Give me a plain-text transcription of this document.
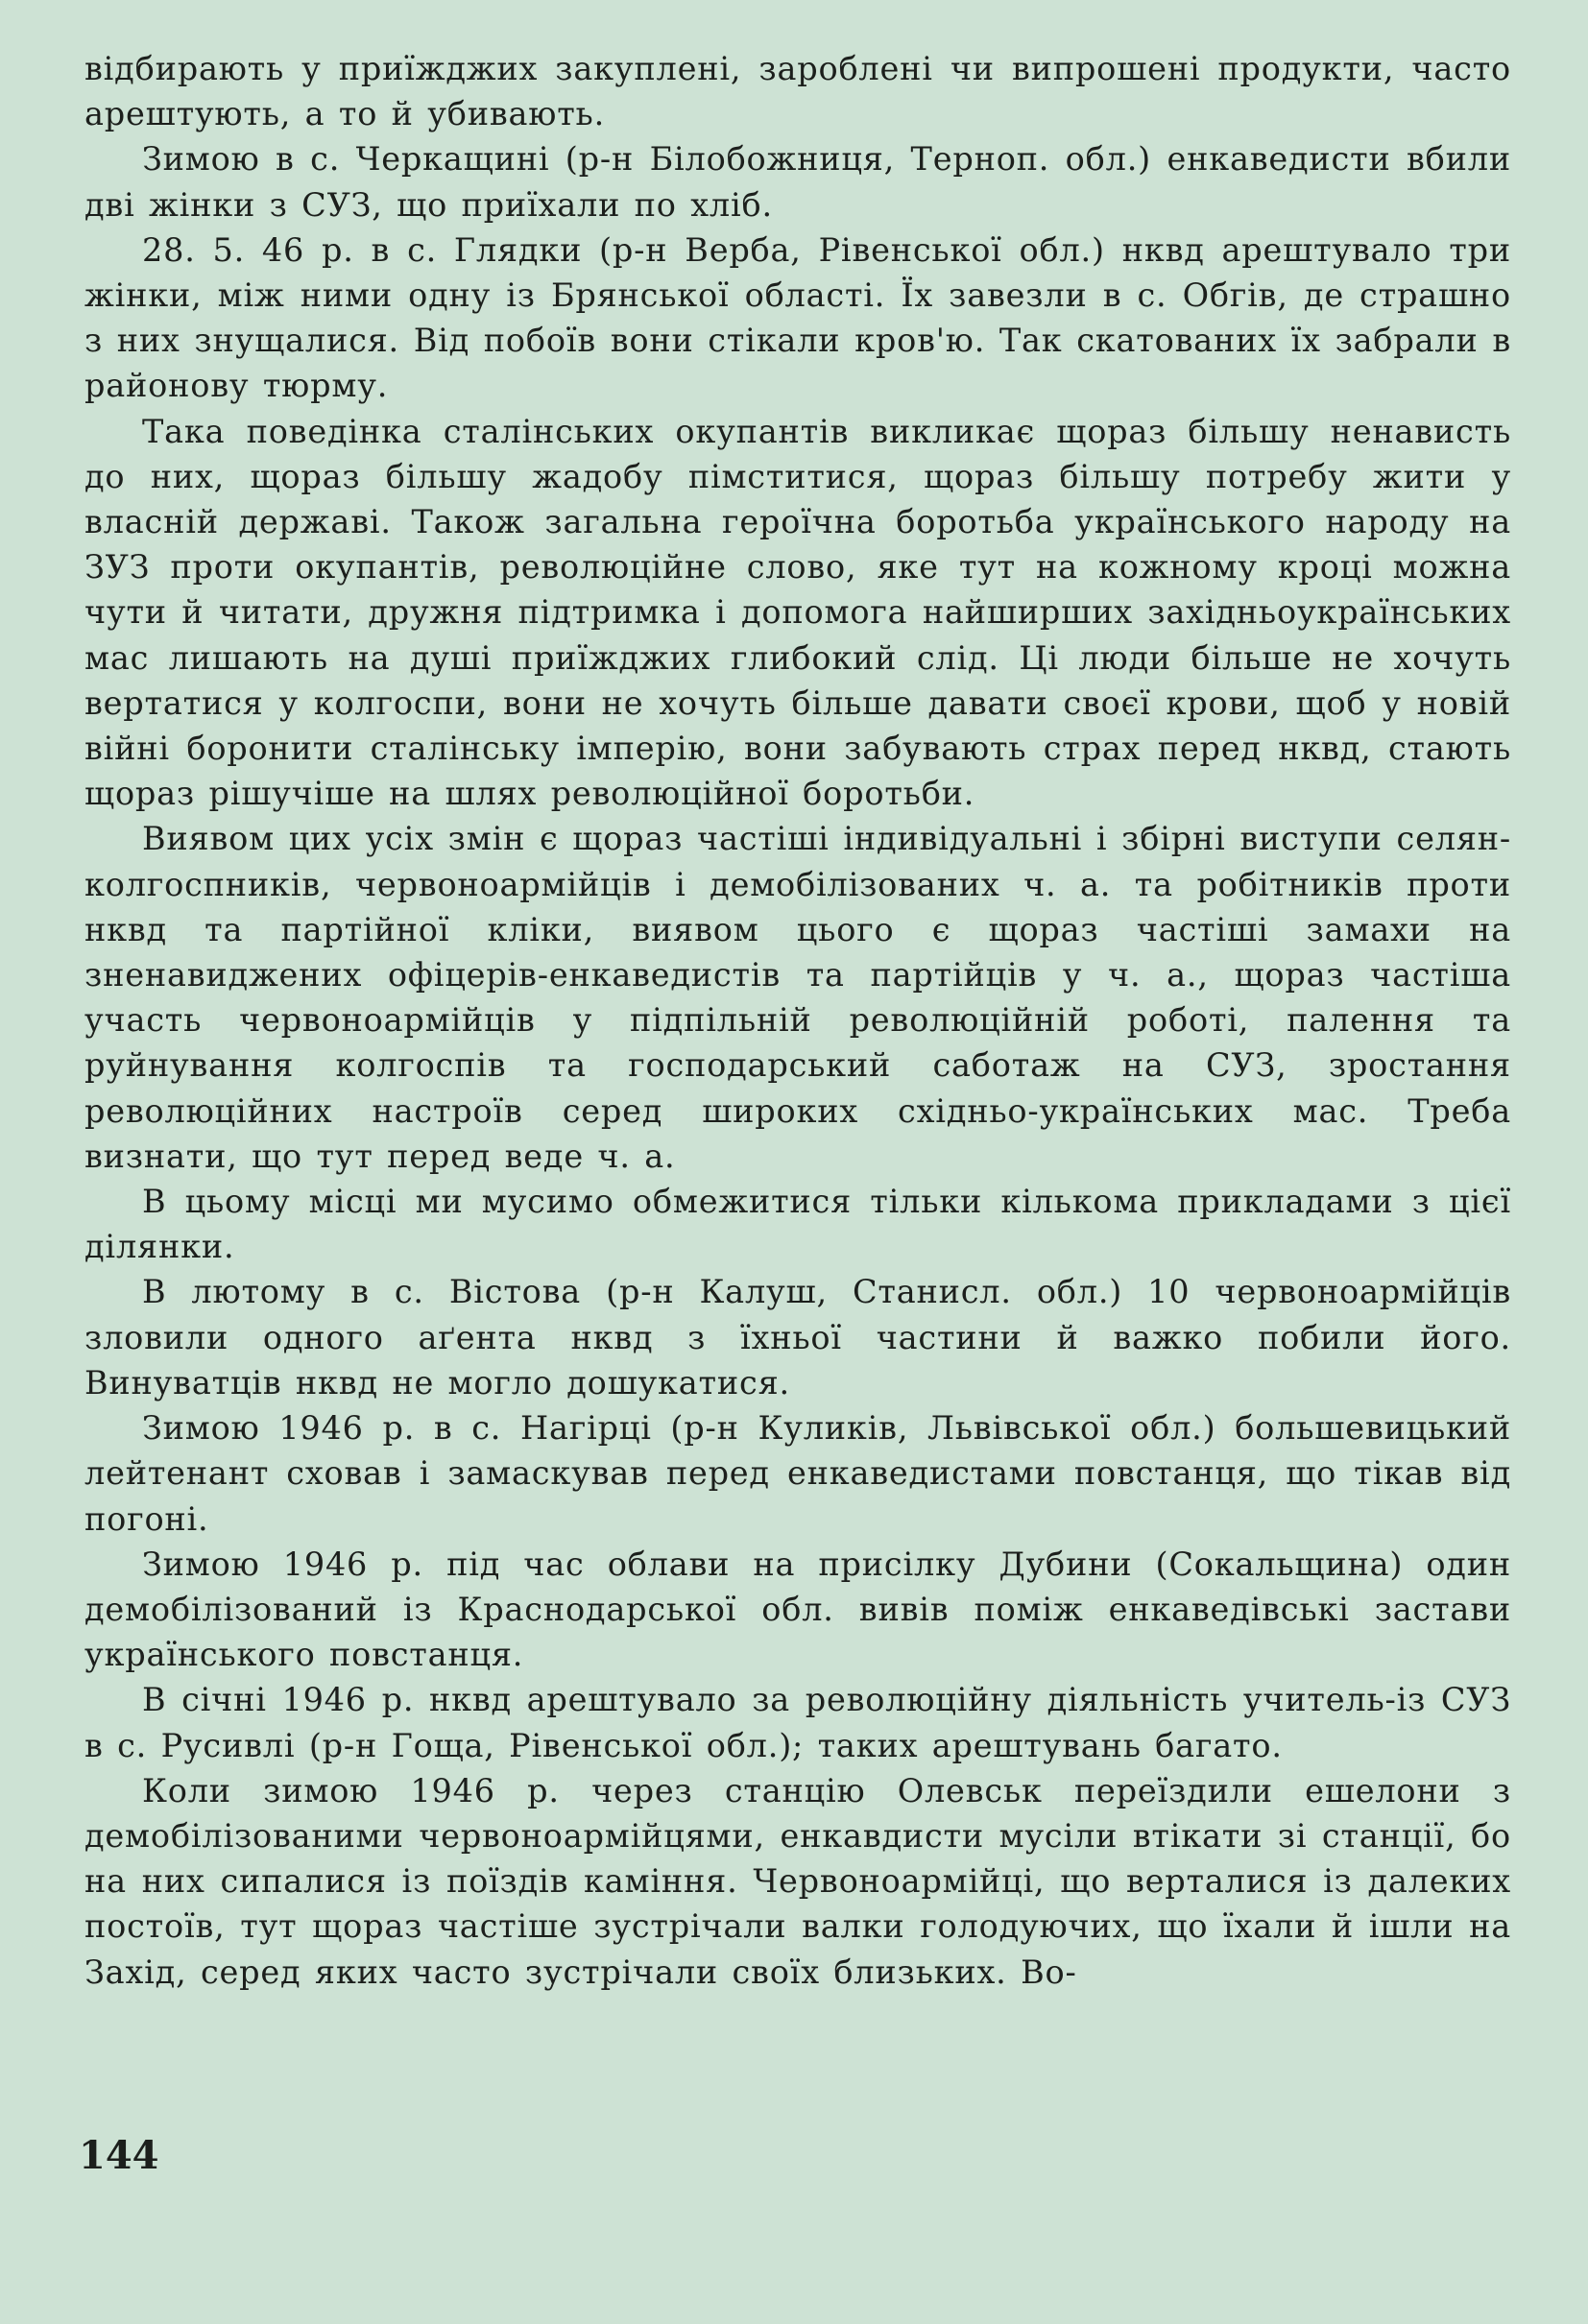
відбирають у приїжджих закуплені, зароблені чи випрошені продукти, часто арештують, а то й убивають.

Зимою в с. Черкащині (р-н Білобожниця, Терноп. обл.) енкаведисти вбили дві жінки з СУЗ, що приїхали по хліб.

28. 5. 46 р. в с. Глядки (р-н Верба, Рівенської обл.) нквд арештувало три жінки, між ними одну із Брянської області. Їх завезли в с. Обгів, де страшно з них знущалися. Від побоїв вони стікали кров'ю. Так скатованих їх забрали в районову тюрму.

Така поведінка сталінських окупантів викликає щораз більшу ненависть до них, щораз більшу жадобу пімститися, щораз більшу потребу жити у власній державі. Також загальна героїчна боротьба українського народу на ЗУЗ проти окупантів, революційне слово, яке тут на кожному кроці можна чути й читати, дружня підтримка і допомога найширших західньоукраїнських мас лишають на душі приїжджих глибокий слід. Ці люди більше не хочуть вертатися у колгоспи, вони не хочуть більше давати своєї крови, щоб у новій війні боронити сталінську імперію, вони забувають страх перед нквд, стають щораз рішучіше на шлях революційної боротьби.

Виявом цих усіх змін є щораз частіші індивідуальні і збірні виступи селян-колгоспників, червоноармійців і демобілізованих ч. а. та робітників проти нквд та партійної кліки, виявом цього є щораз частіші замахи на зненавиджених офіцерів-енкаведистів та партійців у ч. а., щораз частіша участь червоноармійців у підпільній революційній роботі, палення та руйнування колгоспів та господарський саботаж на СУЗ, зростання революційних настроїв серед широких східньо-українських мас. Треба визнати, що тут перед веде ч. а.

В цьому місці ми мусимо обмежитися тільки кількома прикладами з цієї ділянки.

В лютому в с. Вістова (р-н Калуш, Станисл. обл.) 10 червоноармійців зловили одного аґента нквд з їхньої частини й важко побили його. Винуватців нквд не могло дошукатися.

Зимою 1946 р. в с. Нагірці (р-н Куликів, Львівської обл.) большевицький лейтенант сховав і замаскував перед енкаведистами повстанця, що тікав від погоні.

Зимою 1946 р. під час облави на присілку Дубини (Сокальщина) один демобілізований із Краснодарської обл. вивів поміж енкаведівські застави українського повстанця.

В січні 1946 р. нквд арештувало за революційну діяльність учитель-із СУЗ в с. Русивлі (р-н Гоща, Рівенської обл.); таких арештувань багато.

Коли зимою 1946 р. через станцію Олевськ переїздили ешелони з демобілізованими червоноармійцями, енкавдисти мусіли втікати зі станції, бо на них сипалися із поїздів каміння. Червоноармійці, що верталися із далеких постоїв, тут щораз частіше зустрічали валки голодуючих, що їхали й ішли на Захід, серед яких часто зустрічали своїх близьких. Во-

144
